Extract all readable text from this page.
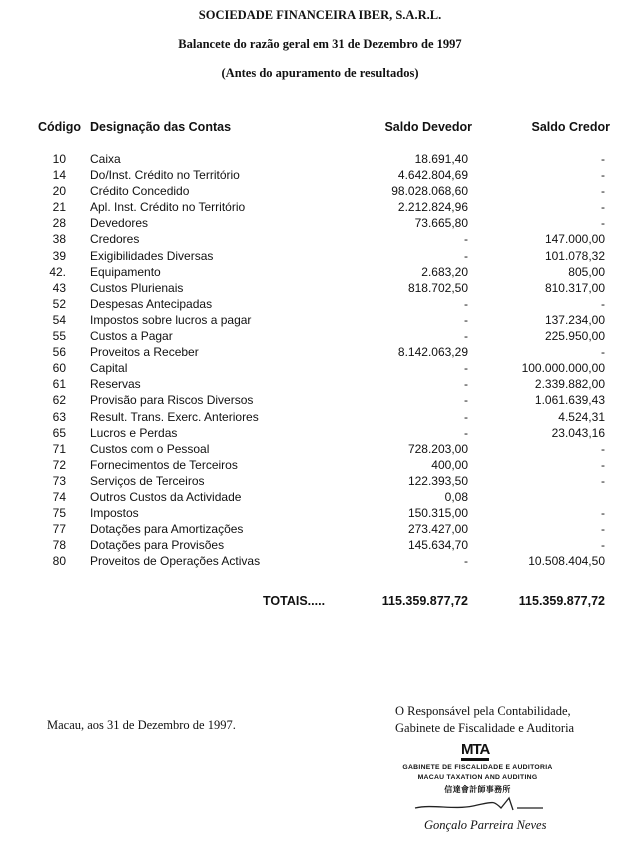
SOCIEDADE FINANCEIRA IBER, S.A.R.L.
Balancete do razão geral em 31 de Dezembro de 1997
(Antes do apuramento de resultados)
Código Designação das Contas	Saldo Devedor	Saldo Credor
10 Caixa	18.691,40	-
14 Do/Inst. Crédito no Território	4.642.804,69	-
20 Crédito Concedido	98.028.068,60	-
21 Apl. Inst. Crédito no Território	2.212.824,96	-
28 Devedores	73.665,80	-
38 Credores	-	147.000,00
39 Exigibilidades Diversas	-	101.078,32
42. Equipamento	2.683,20	805,00
43 Custos Plurienais	818.702,50	810.317,00
52 Despesas Antecipadas	-	-
54 Impostos sobre lucros a pagar	-	137.234,00
55 Custos a Pagar	-	225.950,00
56 Proveitos a Receber	8.142.063,29	-
60 Capital	-	100.000.000,00
61 Reservas	-	2.339.882,00
62 Provisão para Riscos Diversos	-	1.061.639,43
63 Result. Trans. Exerc. Anteriores	-	4.524,31
65 Lucros e Perdas	-	23.043,16
71 Custos com o Pessoal	728.203,00	-
72 Fornecimentos de Terceiros	400,00	-
73 Serviços de Terceiros	122.393,50	-
74 Outros Custos da Actividade	0,08
75 Impostos	150.315,00	-
77 Dotações para Amortizações	273.427,00	-
78 Dotações para Provisões	145.634,70	-
80 Proveitos de Operações Activas	-	10.508.404,50
TOTAIS.....	115.359.877,72	115.359.877,72
Macau, aos 31 de Dezembro de 1997.
O Responsável pela Contabilidade,
Gabinete de Fiscalidade e Auditoria
MTA
GABINETE DE FISCALIDADE E AUDITORIA
MACAU TAXATION AND AUDITING
信達會計師事務所
Gonçalo Parreira Neves
